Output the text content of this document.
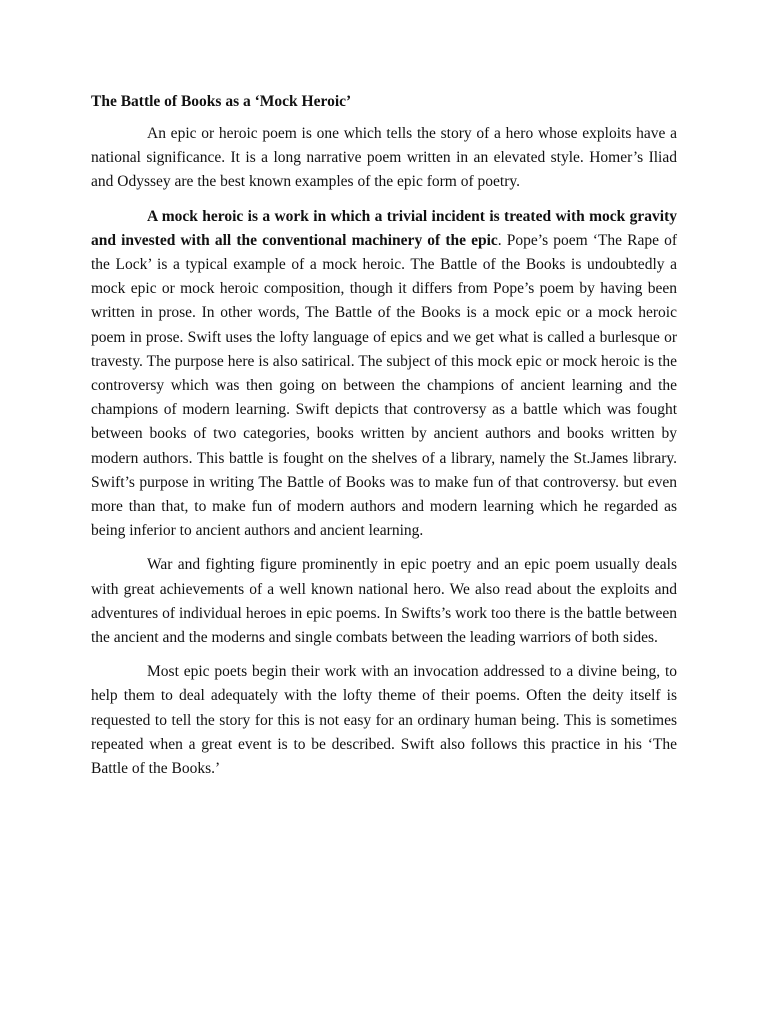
The Battle of Books as a ‘Mock Heroic’

An epic or heroic poem is one which tells the story of a hero whose exploits have a national significance. It is a long narrative poem written in an elevated style. Homer’s Iliad and Odyssey are the best known examples of the epic form of poetry.

A mock heroic is a work in which a trivial incident is treated with mock gravity and invested with all the conventional machinery of the epic. Pope’s poem ‘The Rape of the Lock’ is a typical example of a mock heroic. The Battle of the Books is undoubtedly a mock epic or mock heroic composition, though it differs from Pope’s poem by having been written in prose. In other words, The Battle of the Books is a mock epic or a mock heroic poem in prose. Swift uses the lofty language of epics and we get what is called a burlesque or travesty. The purpose here is also satirical. The subject of this mock epic or mock heroic is the controversy which was then going on between the champions of ancient learning and the champions of modern learning. Swift depicts that controversy as a battle which was fought between books of two categories, books written by ancient authors and books written by modern authors. This battle is fought on the shelves of a library, namely the St.James library. Swift’s purpose in writing The Battle of Books was to make fun of that controversy. but even more than that, to make fun of modern authors and modern learning which he regarded as being inferior to ancient authors and ancient learning.

War and fighting figure prominently in epic poetry and an epic poem usually deals with great achievements of a well known national hero. We also read about the exploits and adventures of individual heroes in epic poems. In Swifts’s work too there is the battle between the ancient and the moderns and single combats between the leading warriors of both sides.

Most epic poets begin their work with an invocation addressed to a divine being, to help them to deal adequately with the lofty theme of their poems. Often the deity itself is requested to tell the story for this is not easy for an ordinary human being. This is sometimes repeated when a great event is to be described. Swift also follows this practice in his ‘The Battle of the Books.’
